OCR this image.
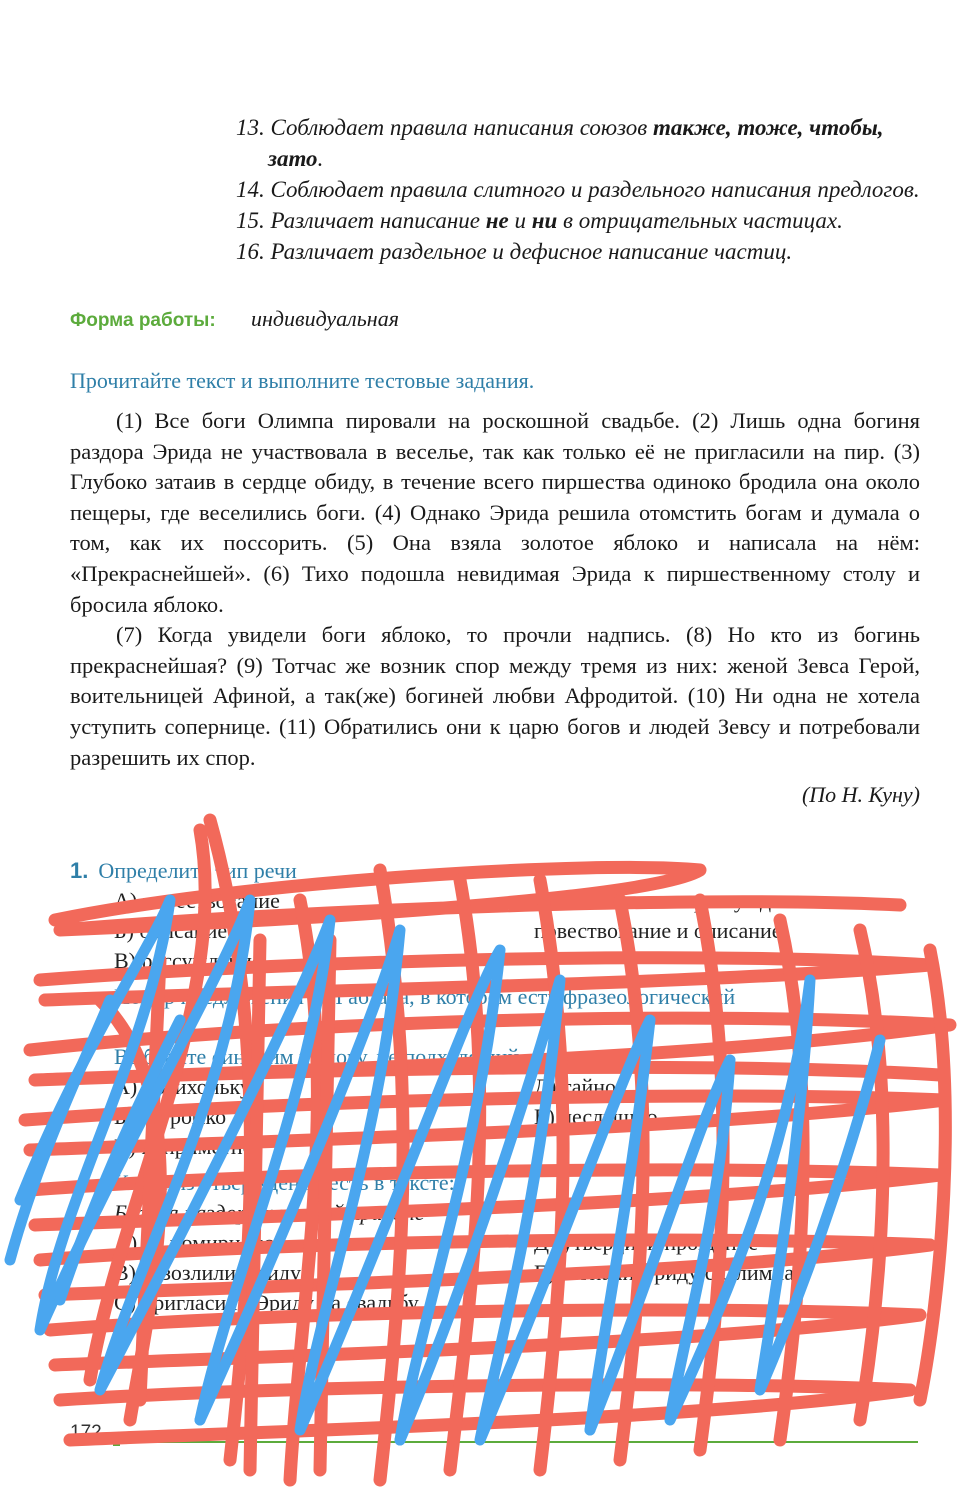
13. Соблюдает правила написания союзов также, тоже, чтобы, зато.

14. Соблюдает правила слитного и раздельного написания предлогов.

15. Различает написание не и ни в отрицательных частицах.

16. Различает раздельное и дефисное написание частиц.

Форма работы: индивидуальная
Прочитайте текст и выполните тестовые задания.

(1) Все боги Олимпа пировали на роскошной свадьбе. (2) Лишь одна богиня раздора Эрида не участвовала в веселье, так как только её не пригласили на пир. (3) Глубоко затаив в сердце обиду, в течение всего пиршества одиноко бродила она около пещеры, где веселились боги. (4) Однако Эрида решила отомстить богам и думала о том, как их поссорить. (5) Она взяла золотое яблоко и написала на нём: «Прекраснейшей». (6) Тихо подошла невидимая Эрида к пиршественному столу и бросила яблоко.

(7) Когда увидели боги яблоко, то прочли надпись. (8) Но кто из богинь прекраснейшая? (9) Тотчас же возник спор между тремя из них: женой Зевса Герой, воительницей Афиной, а так(же) богиней любви Афродитой. (10) Ни одна не хотела уступить сопернице. (11) Обратились они к царю богов и людей Зевсу и потребовали разрешить их спор.

(По Н. Куну)
1. Определите тип речи
А) повествование	повествование и рассуждение
Б) описание	повествование и описание
В) рассуждение
Номер предложения из I абзаца, в котором есть фразеологический
Выберите синоним к слову, не подходящий по значению:
А) потихоньку	Д) тайно
Б) негромко	Е) неслышно
В) неприметно
Какое из утверждений есть в тексте:
Богиня раздора по какой причине
А) не помирились	Д) утвердили прощение
В) разозлили Эриду	Е) изгнали Эриду с Олимпа
С) пригласили Эриду на свадьбу
172
